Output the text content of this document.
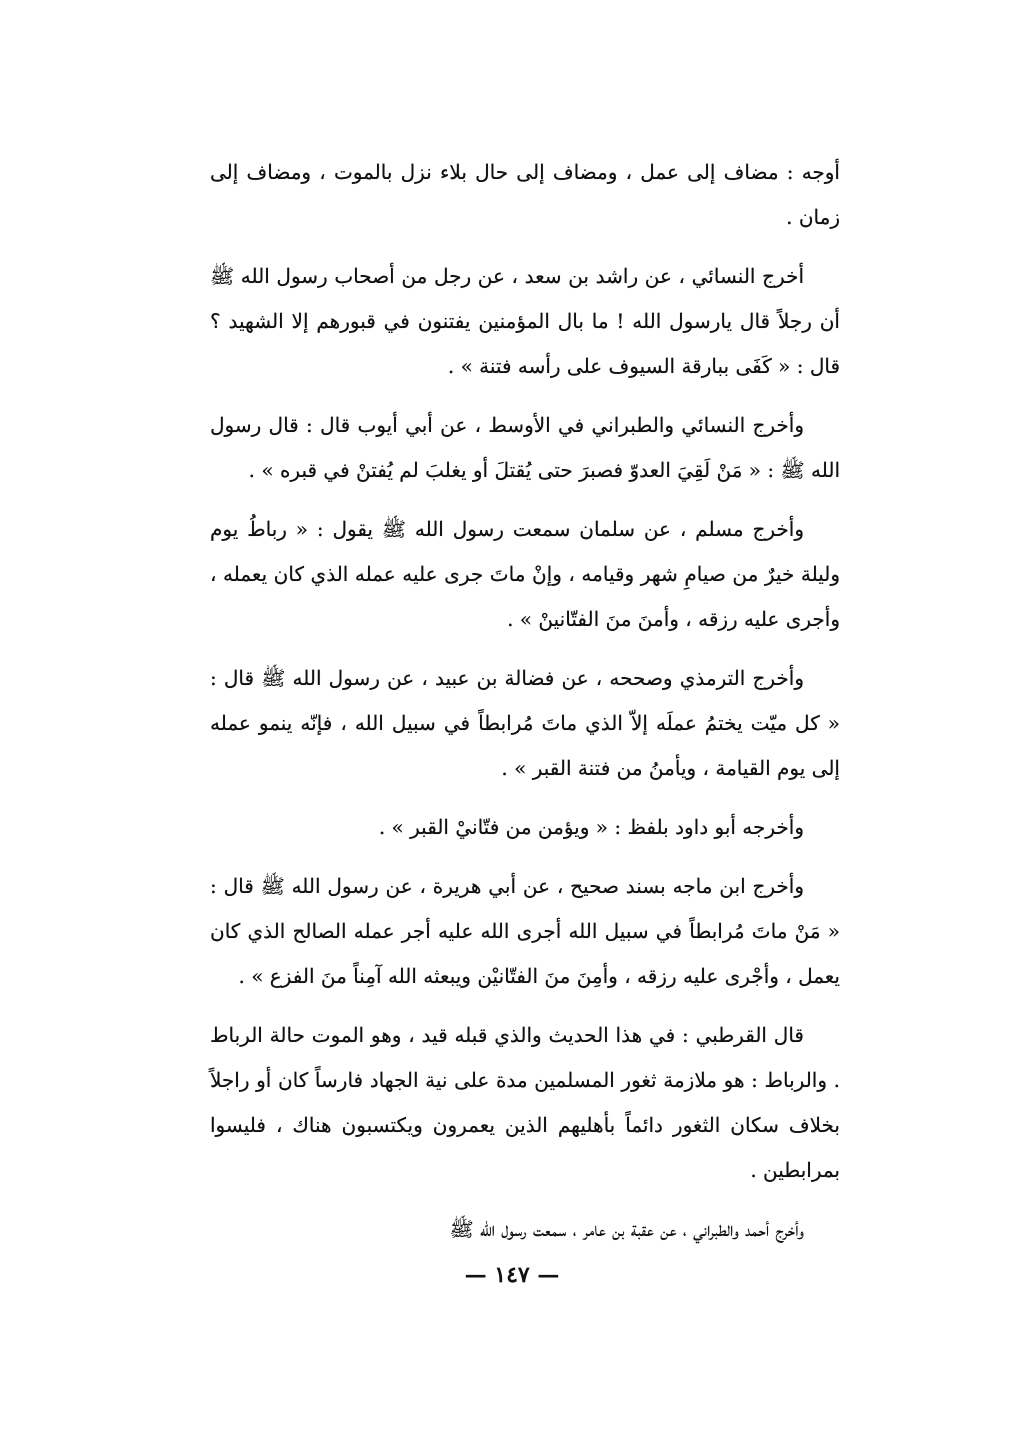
أوجه : مضاف إلى عمل ، ومضاف إلى حال بلاء نزل بالموت ، ومضاف إلى زمان .

أخرج النسائي ، عن راشد بن سعد ، عن رجل من أصحاب رسول الله ﷺ أن رجلاً قال يارسول الله ! ما بال المؤمنين يفتنون في قبورهم إلا الشهيد ؟ قال : « كَفَى ببارقة السيوف على رأسه فتنة » .

وأخرج النسائي والطبراني في الأوسط ، عن أبي أيوب قال : قال رسول الله ﷺ : « مَنْ لَقِيَ العدوّ فصبرَ حتى يُقتلَ أو يغلبَ لم يُفتنْ في قبره » .

وأخرج مسلم ، عن سلمان سمعت رسول الله ﷺ يقول : « رباطُ يوم وليلة خيرٌ من صيامِ شهر وقيامه ، وإنْ ماتَ جرى عليه عمله الذي كان يعمله ، وأجرى عليه رزقه ، وأمنَ منَ الفتّانينْ » .

وأخرج الترمذي وصححه ، عن فضالة بن عبيد ، عن رسول الله ﷺ قال : « كل ميّت يختمُ عملَه إلاّ الذي ماتَ مُرابطاً في سبيل الله ، فإنّه ينمو عمله إلى يوم القيامة ، ويأمنُ من فتنة القبر » .

وأخرجه أبو داود بلفظ : « ويؤمن من فتّانيْ القبر » .

وأخرج ابن ماجه بسند صحيح ، عن أبي هريرة ، عن رسول الله ﷺ قال : « مَنْ ماتَ مُرابطاً في سبيل الله أجرى الله عليه أجر عمله الصالح الذي كان يعمل ، وأجْرى عليه رزقه ، وأمِنَ منَ الفتّانيْن ويبعثه الله آمِناً منَ الفزع » .

قال القرطبي : في هذا الحديث والذي قبله قيد ، وهو الموت حالة الرباط . والرباط : هو ملازمة ثغور المسلمين مدة على نية الجهاد فارساً كان أو راجلاً بخلاف سكان الثغور دائماً بأهليهم الذين يعمرون ويكتسبون هناك ، فليسوا بمرابطين .

وأخرج أحمد والطبراني ، عن عقبة بن عامر ، سمعت رسول الله ﷺ

— ١٤٧ —
